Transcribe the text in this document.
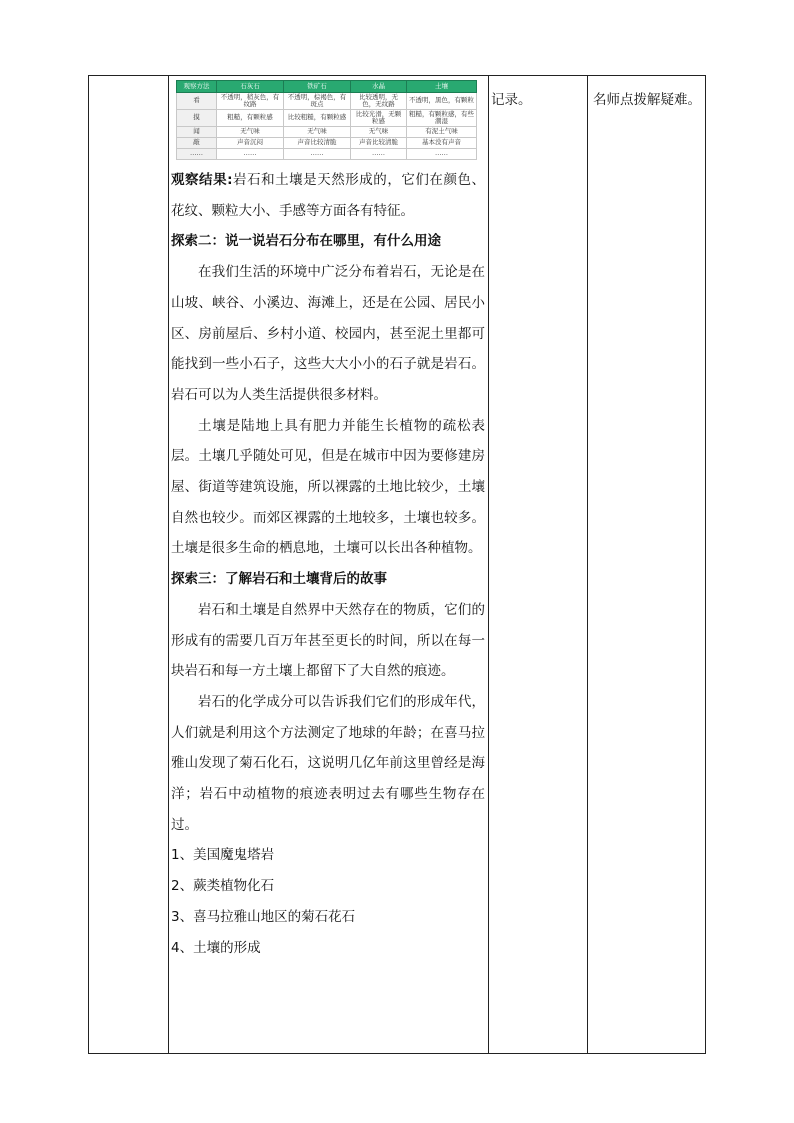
观察方法	石灰石	铁矿石	水晶	土壤
看	不透明，稍灰色，有纹路	不透明，棕褐色，有斑点	比较透明，无色，无纹路	不透明，黑色，有颗粒
摸	粗糙，有颗粒感	比较粗糙，有颗粒感	比较光滑，无颗粒感	粗糙，有颗粒感，有些潮湿
闻	无气味	无气味	无气味	有泥土气味
敲	声音沉闷	声音比较清脆	声音比较清脆	基本没有声音
……	……	……	……	……

观察结果:岩石和土壤是天然形成的，它们在颜色、花纹、颗粒大小、手感等方面各有特征。

探索二：说一说岩石分布在哪里，有什么用途

在我们生活的环境中广泛分布着岩石，无论是在山坡、峡谷、小溪边、海滩上，还是在公园、居民小区、房前屋后、乡村小道、校园内，甚至泥土里都可能找到一些小石子，这些大大小小的石子就是岩石。岩石可以为人类生活提供很多材料。

土壤是陆地上具有肥力并能生长植物的疏松表层。土壤几乎随处可见，但是在城市中因为要修建房屋、街道等建筑设施，所以裸露的土地比较少，土壤自然也较少。而郊区裸露的土地较多，土壤也较多。土壤是很多生命的栖息地，土壤可以长出各种植物。

探索三：了解岩石和土壤背后的故事

岩石和土壤是自然界中天然存在的物质，它们的形成有的需要几百万年甚至更长的时间，所以在每一块岩石和每一方土壤上都留下了大自然的痕迹。

岩石的化学成分可以告诉我们它们的形成年代，人们就是利用这个方法测定了地球的年龄；在喜马拉雅山发现了菊石化石，这说明几亿年前这里曾经是海洋；岩石中动植物的痕迹表明过去有哪些生物存在过。

1、美国魔鬼塔岩

2、蕨类植物化石

3、喜马拉雅山地区的菊石花石

4、土壤的形成

记录。	名师点拨解疑难。
